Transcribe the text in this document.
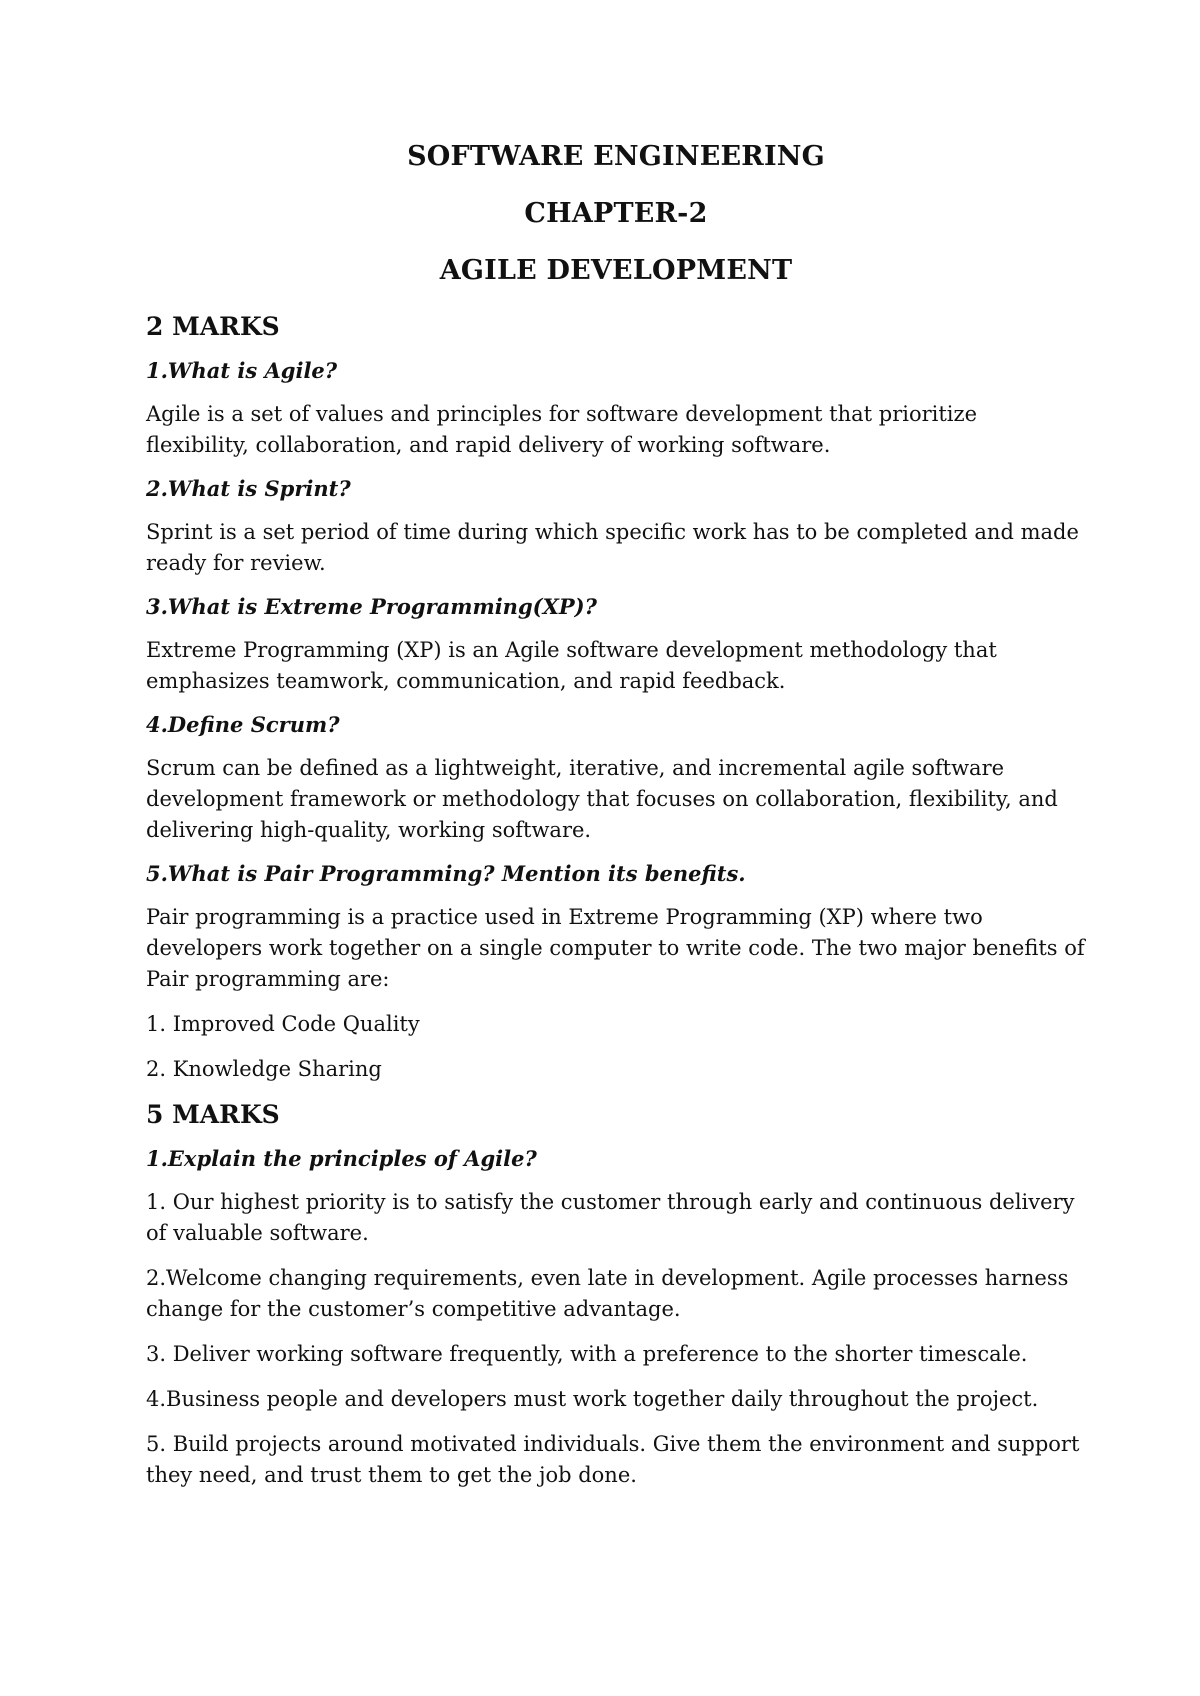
SOFTWARE ENGINEERING
CHAPTER-2
AGILE DEVELOPMENT
2 MARKS
1.What is Agile?
Agile is a set of values and principles for software development that prioritize flexibility, collaboration, and rapid delivery of working software.
2.What is Sprint?
Sprint is a set period of time during which specific work has to be completed and made ready for review.
3.What is Extreme Programming(XP)?
Extreme Programming (XP) is an Agile software development methodology that emphasizes teamwork, communication, and rapid feedback.
4.Define Scrum?
Scrum can be defined as a lightweight, iterative, and incremental agile software development framework or methodology that focuses on collaboration, flexibility, and delivering high-quality, working software.
5.What is Pair Programming? Mention its benefits.
Pair programming is a practice used in Extreme Programming (XP) where two developers work together on a single computer to write code. The two major benefits of Pair programming are:
1. Improved Code Quality
2. Knowledge Sharing
5 MARKS
1.Explain the principles of Agile?
1. Our highest priority is to satisfy the customer through early and continuous delivery of valuable software.
2.Welcome changing requirements, even late in development. Agile processes harness change for the customer’s competitive advantage.
3. Deliver working software frequently, with a preference to the shorter timescale.
4.Business people and developers must work together daily throughout the project.
5. Build projects around motivated individuals. Give them the environment and support they need, and trust them to get the job done.
